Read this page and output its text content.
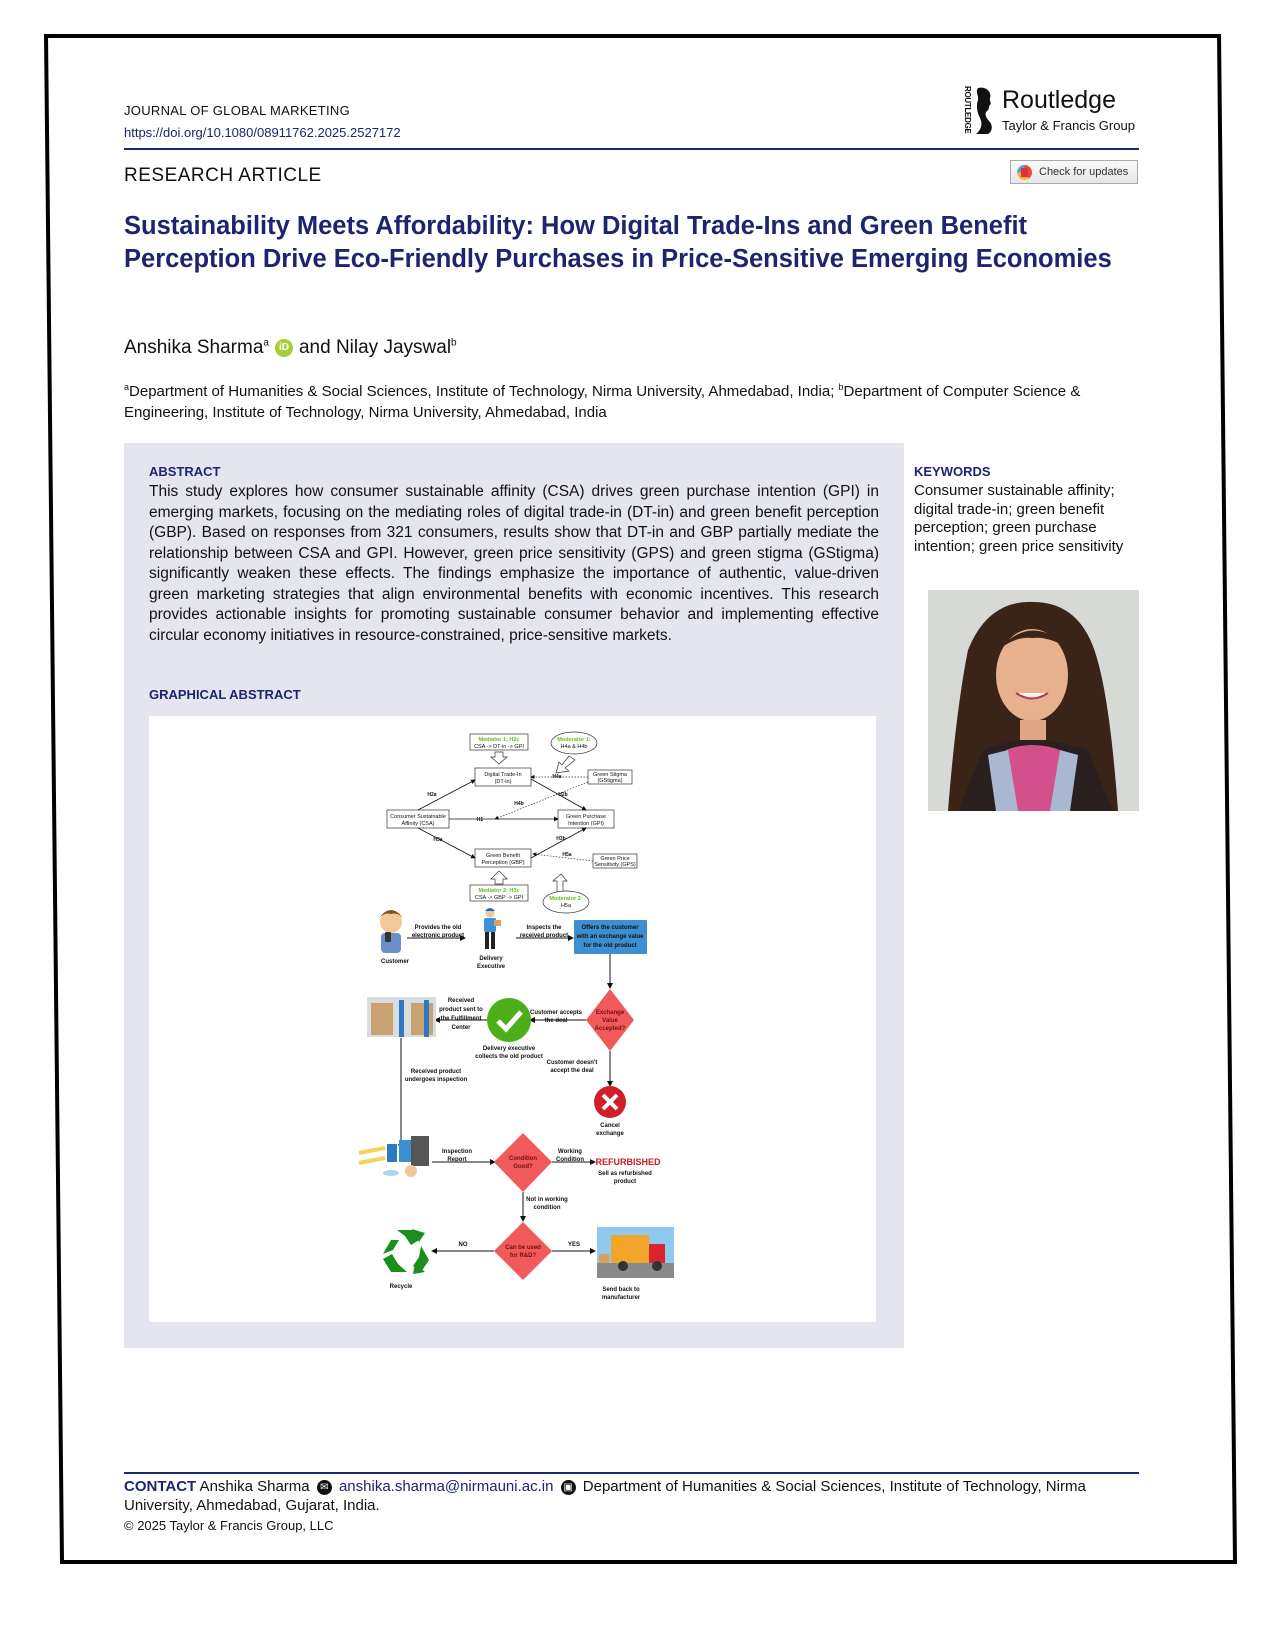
JOURNAL OF GLOBAL MARKETING
https://doi.org/10.1080/08911762.2025.2527172	ROUTLEDGE Routledge
Taylor & Francis Group
RESEARCH ARTICLE	Check for updates
Sustainability Meets Affordability: How Digital Trade-Ins and Green Benefit Perception Drive Eco-Friendly Purchases in Price-Sensitive Emerging Economies
Anshika Sharma$^a$ iD and Nilay Jayswal$^b$
$^a$Department of Humanities & Social Sciences, Institute of Technology, Nirma University, Ahmedabad, India; $^b$Department of Computer Science & Engineering, Institute of Technology, Nirma University, Ahmedabad, India
ABSTRACT
This study explores how consumer sustainable affinity (CSA) drives green purchase intention (GPI) in emerging markets, focusing on the mediating roles of digital trade-in (DT-in) and green benefit perception (GBP). Based on responses from 321 consumers, results show that DT-in and GBP partially mediate the relationship between CSA and GPI. However, green price sensitivity (GPS) and green stigma (GStigma) significantly weaken these effects. The findings emphasize the importance of authentic, value-driven green marketing strategies that align environmental benefits with economic incentives. This research provides actionable insights for promoting sustainable consumer behavior and implementing effective circular economy initiatives in resource-constrained, price-sensitive markets.
GRAPHICAL ABSTRACT
Mediator 1: H2c
CSA -> DT-in -> GPI
Moderator 1:
H4a & H4b
Digital Trade-In
(DT-in)
Green Stigma
(GStigma)
Consumer Sustainable
Affinity (CSA)
Green Purchase
Intention (GPI)
Green Benefit
Perception (GBP)
Green Price
Sensitivity (GPS)
H2a	H2b
H4a
H4b
H1
H3a	H3b
H5a
Mediator 2: H3c
CSA -> GBP -> GPI	Moderator 2:
H5a
Customer
Provides the old
electronic product
Delivery
Executive
Inspects the
received product
Offers the customer
with an exchange value
for the old product
Exchange
Value
Accepted?
Customer accepts
the deal
Delivery executive
collects the old product
Received
product sent to
the Fulfillment
Center
Customer doesn't
accept the deal
Cancel
exchange
Received product
undergoes inspection
Inspection
Report	Condition
Good?
Working
Condition REFURBISHED
Sell as refurbished
product
Not in working
condition
Can be used
for R&D?
NO	YES
Recycle	Send back to
manufacturer
KEYWORDS
Consumer sustainable affinity; digital trade-in; green benefit perception; green purchase intention; green price sensitivity
CONTACT Anshika Sharma ✉ anshika.sharma@nirmauni.ac.in ▣ Department of Humanities & Social Sciences, Institute of Technology, Nirma University, Ahmedabad, Gujarat, India.
© 2025 Taylor & Francis Group, LLC
